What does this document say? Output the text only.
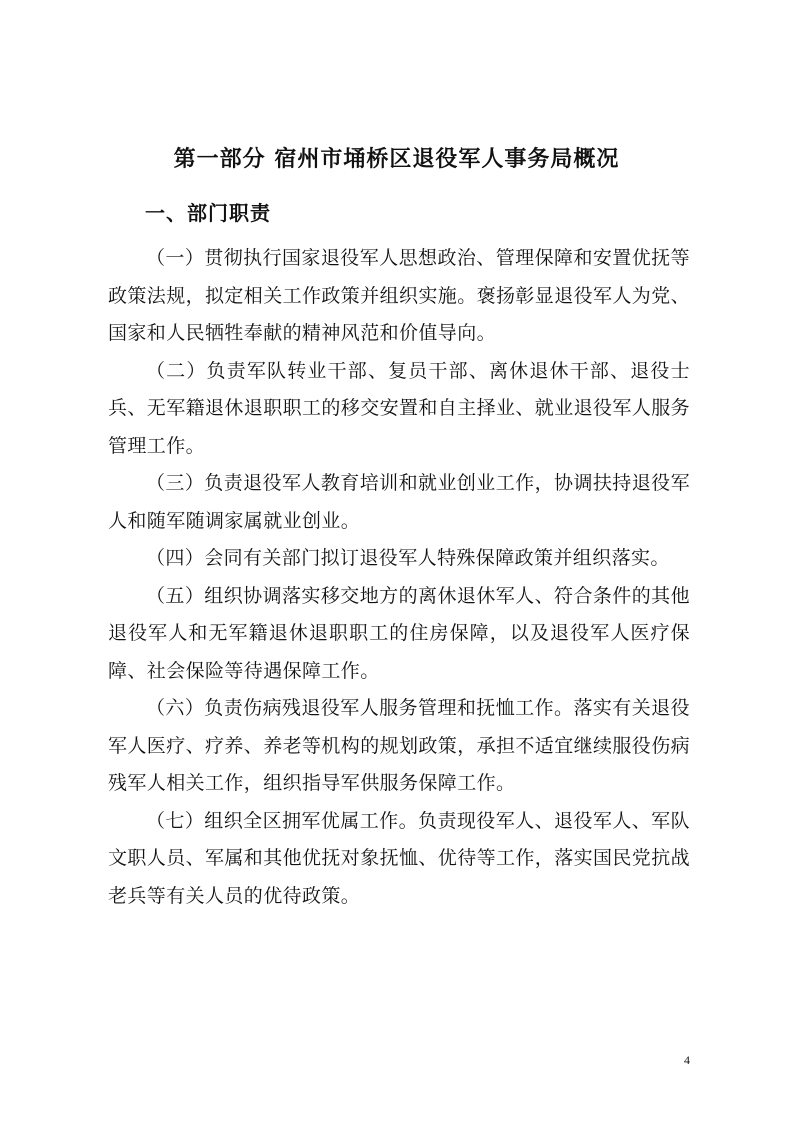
第一部分 宿州市埇桥区退役军人事务局概况
一、部门职责

（一）贯彻执行国家退役军人思想政治、管理保障和安置优抚等政策法规，拟定相关工作政策并组织实施。褒扬彰显退役军人为党、国家和人民牺牲奉献的精神风范和价值导向。

（二）负责军队转业干部、复员干部、离休退休干部、退役士兵、无军籍退休退职职工的移交安置和自主择业、就业退役军人服务管理工作。

（三）负责退役军人教育培训和就业创业工作，协调扶持退役军人和随军随调家属就业创业。

（四）会同有关部门拟订退役军人特殊保障政策并组织落实。

（五）组织协调落实移交地方的离休退休军人、符合条件的其他退役军人和无军籍退休退职职工的住房保障，以及退役军人医疗保障、社会保险等待遇保障工作。

（六）负责伤病残退役军人服务管理和抚恤工作。落实有关退役军人医疗、疗养、养老等机构的规划政策，承担不适宜继续服役伤病残军人相关工作，组织指导军供服务保障工作。

（七）组织全区拥军优属工作。负责现役军人、退役军人、军队文职人员、军属和其他优抚对象抚恤、优待等工作，落实国民党抗战老兵等有关人员的优待政策。

4
